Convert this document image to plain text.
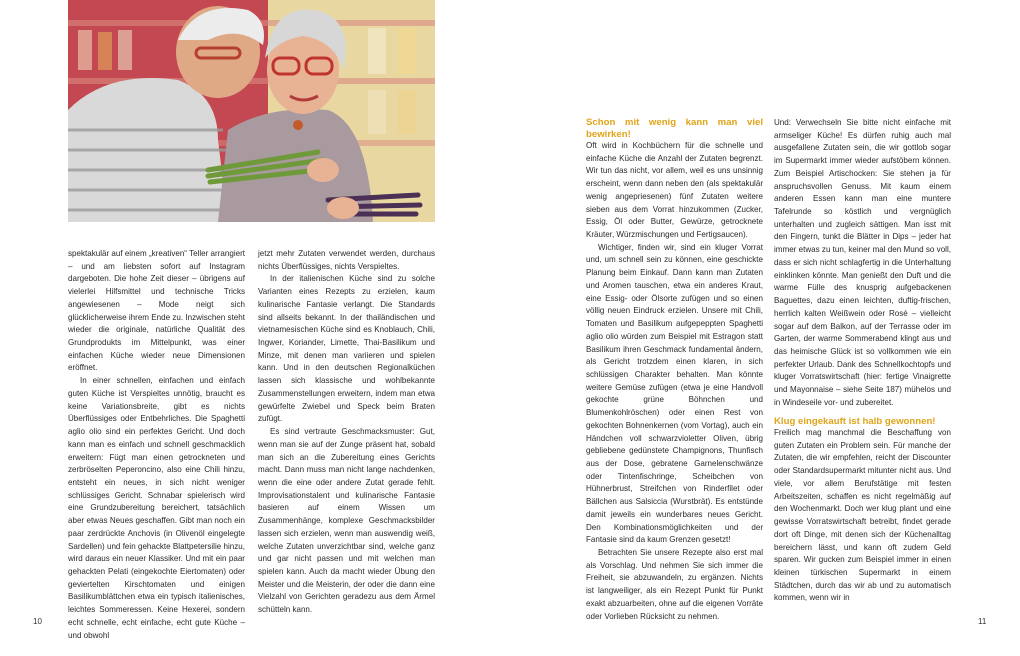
spektakulär auf einem „kreativen“ Teller arrangiert – und am liebsten sofort auf Instagram dargeboten. Die hohe Zeit dieser – übrigens auf vielerlei Hilfsmittel und technische Tricks angewiesenen – Mode neigt sich glücklicherweise ihrem Ende zu. Inzwischen steht wieder die originale, natürliche Qualität des Grundprodukts im Mittelpunkt, was einer einfachen Küche wieder neue Dimensionen eröffnet.

In einer schnellen, einfachen und einfach guten Küche ist Verspieltes unnötig, braucht es keine Variationsbreite, gibt es nichts Überflüssiges oder Entbehrliches. Die Spaghetti aglio olio sind ein perfektes Gericht. Und doch kann man es einfach und schnell geschmacklich erweitern: Fügt man einen getrockneten und zerbröselten Peperoncino, also eine Chili hinzu, entsteht ein neues, in sich nicht weniger schlüssiges Gericht. Schnabar spielerisch wird eine Grundzubereitung bereichert, tatsächlich aber etwas Neues geschaffen. Gibt man noch ein paar zerdrückte Anchovis (in Olivenöl eingelegte Sardellen) und fein gehackte Blattpetersilie hinzu, wird daraus ein neuer Klassiker. Und mit ein paar gehackten Pelati (eingekochte Eiertomaten) oder geviertelten Kirschtomaten und einigen Basilikumblättchen etwa ein typisch italienisches, leichtes Sommeressen. Keine Hexerei, sondern echt schnelle, echt einfache, echt gute Küche – und obwohl

jetzt mehr Zutaten verwendet werden, durchaus nichts Überflüssiges, nichts Verspieltes.

In der italienischen Küche sind zu solche Varianten eines Rezepts zu erzielen, kaum kulinarische Fantasie verlangt. Die Standards sind allseits bekannt. In der thailändischen und vietnamesischen Küche sind es Knoblauch, Chili, Ingwer, Koriander, Limette, Thai-Basilikum und Minze, mit denen man variieren und spielen kann. Und in den deutschen Regionalküchen lassen sich klassische und wohlbekannte Zusammenstellungen erweitern, indem man etwa gewürfelte Zwiebel und Speck beim Braten zufügt.

Es sind vertraute Geschmacksmuster: Gut, wenn man sie auf der Zunge präsent hat, sobald man sich an die Zubereitung eines Gerichts macht. Dann muss man nicht lange nachdenken, wenn die eine oder andere Zutat gerade fehlt. Improvisationstalent und kulinarische Fantasie basieren auf einem Wissen um Zusammenhänge, komplexe Geschmacksbilder lassen sich erzielen, wenn man auswendig weiß, welche Zutaten unverzichtbar sind, welche ganz und gar nicht passen und mit welchen man spielen kann. Auch da macht wieder Übung den Meister und die Meisterin, der oder die dann eine Vielzahl von Gerichten geradezu aus dem Ärmel schütteln kann.

10
Schon mit wenig kann man viel bewirken!

Oft wird in Kochbüchern für die schnelle und einfache Küche die Anzahl der Zutaten begrenzt. Wir tun das nicht, vor allem, weil es uns unsinnig erscheint, wenn dann neben den (als spektakulär wenig angepriesenen) fünf Zutaten weitere sieben aus dem Vorrat hinzukommen (Zucker, Essig, Öl oder Butter, Gewürze, getrocknete Kräuter, Würzmischungen und Fertigsaucen).

Wichtiger, finden wir, sind ein kluger Vorrat und, um schnell sein zu können, eine geschickte Planung beim Einkauf. Dann kann man Zutaten und Aromen tauschen, etwa ein anderes Kraut, eine Essig- oder Ölsorte zufügen und so einen völlig neuen Eindruck erzielen. Unsere mit Chili, Tomaten und Basilikum aufgepeppten Spaghetti aglio olio würden zum Beispiel mit Estragon statt Basilikum ihren Geschmack fundamental ändern, als Gericht trotzdem einen klaren, in sich schlüssigen Charakter behalten. Man könnte weitere Gemüse zufügen (etwa je eine Handvoll gekochte grüne Böhnchen und Blumenkohlröschen) oder einen Rest von gekochten Bohnenkernen (vom Vortag), auch ein Händchen voll schwarzvioletter Oliven, übrig gebliebene gedünstete Champignons, Thunfisch aus der Dose, gebratene Garnelenschwänze oder Tintenfischringe, Scheibchen von Hühnerbrust, Streifchen von Rinderfilet oder Bällchen aus Salsiccia (Wurstbrät). Es entstünde damit jeweils ein wunderbares neues Gericht. Den Kombinationsmöglichkeiten und der Fantasie sind da kaum Grenzen gesetzt!

Betrachten Sie unsere Rezepte also erst mal als Vorschlag. Und nehmen Sie sich immer die Freiheit, sie abzuwandeln, zu ergänzen. Nichts ist langweiliger, als ein Rezept Punkt für Punkt exakt abzuarbeiten, ohne auf die eigenen Vorräte oder Vorlieben Rücksicht zu nehmen.

Und: Verwechseln Sie bitte nicht einfache mit armseliger Küche! Es dürfen ruhig auch mal ausgefallene Zutaten sein, die wir gottlob sogar im Supermarkt immer wieder aufstöbern können. Zum Beispiel Artischocken: Sie stehen ja für anspruchsvollen Genuss. Mit kaum einem anderen Essen kann man eine muntere Tafelrunde so köstlich und vergnüglich unterhalten und zugleich sättigen. Man isst mit den Fingern, tunkt die Blätter in Dips – jeder hat immer etwas zu tun, keiner mal den Mund so voll, dass er sich nicht schlagfertig in die Unterhaltung einklinken könnte. Man genießt den Duft und die warme Fülle des knusprig aufgebackenen Baguettes, dazu einen leichten, duftig-frischen, herrlich kalten Weißwein oder Rosé – vielleicht sogar auf dem Balkon, auf der Terrasse oder im Garten, der warme Sommerabend klingt aus und das heimische Glück ist so vollkommen wie ein perfekter Urlaub. Dank des Schnellkochtopfs und kluger Vorratswirtschaft (hier: fertige Vinaigrette und Mayonnaise – siehe Seite 187) mühelos und in Windeseile vor- und zubereitet.

Klug eingekauft ist halb gewonnen!

Freilich mag manchmal die Beschaffung von guten Zutaten ein Problem sein. Für manche der Zutaten, die wir empfehlen, reicht der Discounter oder Standardsupermarkt mitunter nicht aus. Und viele, vor allem Berufstätige mit festen Arbeitszeiten, schaffen es nicht regelmäßig auf den Wochenmarkt. Doch wer klug plant und eine gewisse Vorratswirtschaft betreibt, findet gerade dort oft Dinge, mit denen sich der Küchenalltag bereichern lässt, und kann oft zudem Geld sparen. Wir gucken zum Beispiel immer in einen kleinen türkischen Supermarkt in einem Städtchen, durch das wir ab und zu automatisch kommen, wenn wir in

11
